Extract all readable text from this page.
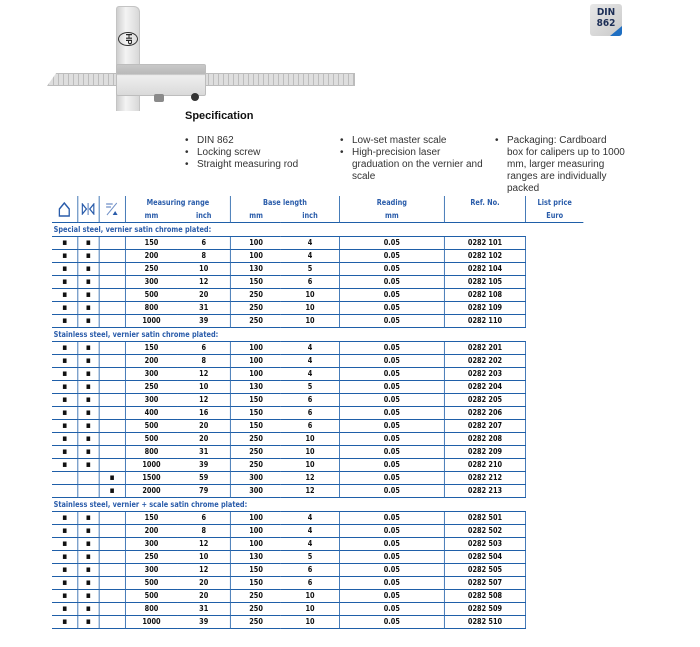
HP
DIN
862
Specification
• DIN 862
• Locking screw
• Straight measuring rod
• Low-set master scale
• High-precision laser graduation on the vernier and scale
• Packaging: Cardboard box for calipers up to 1000 mm, larger measuring ranges are individually packed

	Measuring range		Base length		Reading	Ref. No.	List price
			mm	inch	mm	inch	mm		Euro
Special steel, vernier satin chrome plated:									
▪	▪		150	6	100	4	0.05	0282 101	
▪	▪		200	8	100	4	0.05	0282 102	
▪	▪		250	10	130	5	0.05	0282 104	
▪	▪		300	12	150	6	0.05	0282 105	
▪	▪		500	20	250	10	0.05	0282 108	
▪	▪		800	31	250	10	0.05	0282 109	
▪	▪		1000	39	250	10	0.05	0282 110	
Stainless steel, vernier satin chrome plated:									
▪	▪		150	6	100	4	0.05	0282 201	
▪	▪		200	8	100	4	0.05	0282 202	
▪	▪		300	12	100	4	0.05	0282 203	
▪	▪		250	10	130	5	0.05	0282 204	
▪	▪		300	12	150	6	0.05	0282 205	
▪	▪		400	16	150	6	0.05	0282 206	
▪	▪		500	20	150	6	0.05	0282 207	
▪	▪		500	20	250	10	0.05	0282 208	
▪	▪		800	31	250	10	0.05	0282 209	
▪	▪		1000	39	250	10	0.05	0282 210	
		▪	1500	59	300	12	0.05	0282 212	
		▪	2000	79	300	12	0.05	0282 213	
Stainless steel, vernier + scale satin chrome plated:									
▪	▪		150	6	100	4	0.05	0282 501	
▪	▪		200	8	100	4	0.05	0282 502	
▪	▪		300	12	100	4	0.05	0282 503	
▪	▪		250	10	130	5	0.05	0282 504	
▪	▪		300	12	150	6	0.05	0282 505	
▪	▪		500	20	150	6	0.05	0282 507	
▪	▪		500	20	250	10	0.05	0282 508	
▪	▪		800	31	250	10	0.05	0282 509	
▪	▪		1000	39	250	10	0.05	0282 510	
